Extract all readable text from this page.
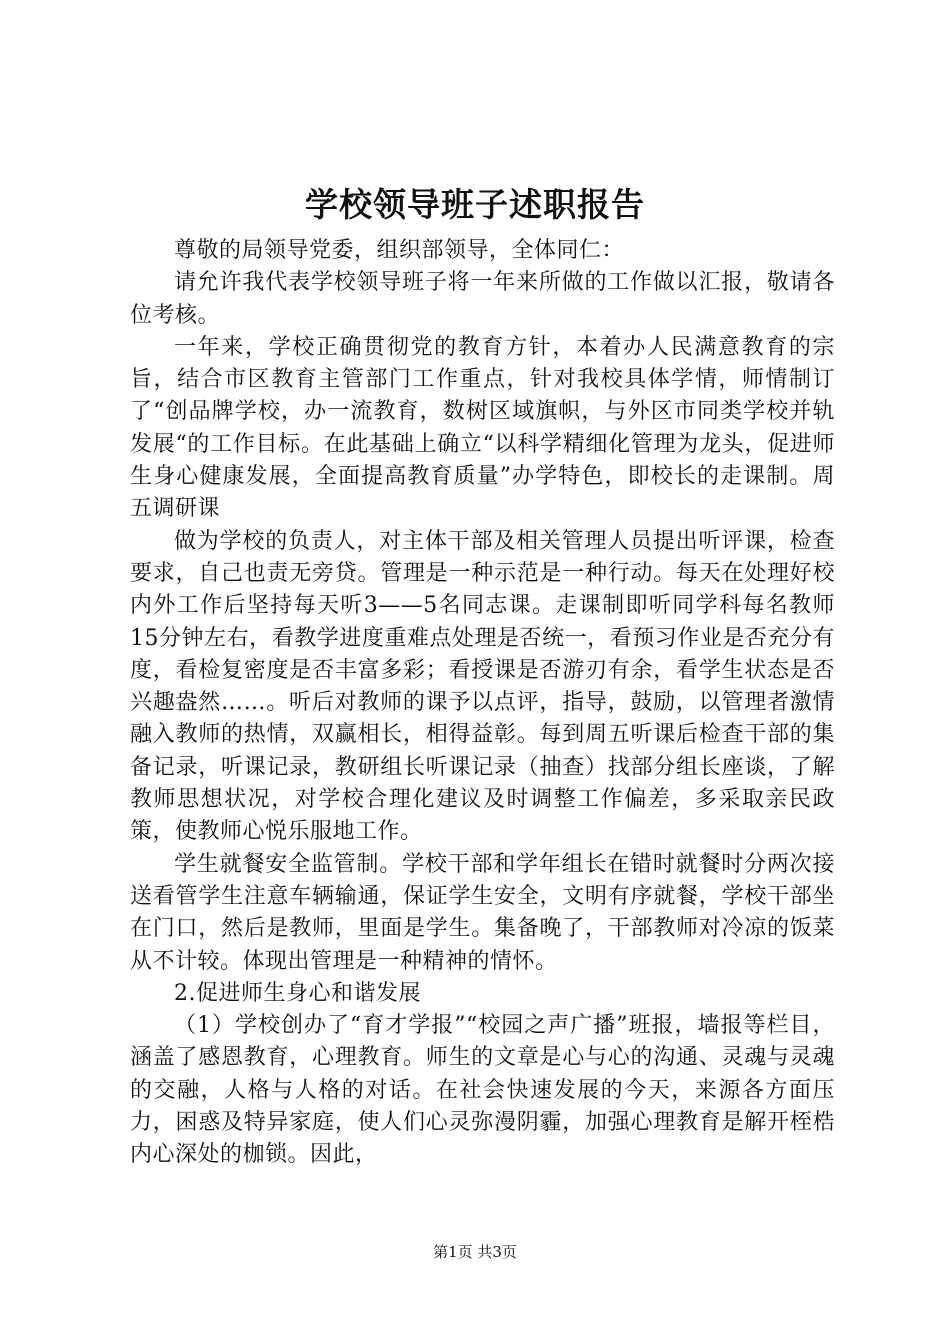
学校领导班子述职报告

尊敬的局领导党委，组织部领导，全体同仁：

请允许我代表学校领导班子将一年来所做的工作做以汇报，敬请各位考核。

一年来，学校正确贯彻党的教育方针，本着办人民满意教育的宗旨，结合市区教育主管部门工作重点，针对我校具体学情，师情制订了“创品牌学校，办一流教育，数树区域旗帜，与外区市同类学校并轨发展“的工作目标。在此基础上确立“以科学精细化管理为龙头，促进师生身心健康发展，全面提高教育质量”办学特色，即校长的走课制。周五调研课

做为学校的负责人，对主体干部及相关管理人员提出听评课，检查要求，自己也责无旁贷。管理是一种示范是一种行动。每天在处理好校内外工作后坚持每天听3——5名同志课。走课制即听同学科每名教师15分钟左右，看教学进度重难点处理是否统一，看预习作业是否充分有度，看检复密度是否丰富多彩；看授课是否游刃有余，看学生状态是否兴趣盎然……。听后对教师的课予以点评，指导，鼓励，以管理者激情融入教师的热情，双赢相长，相得益彰。每到周五听课后检查干部的集备记录，听课记录，教研组长听课记录（抽查）找部分组长座谈，了解教师思想状况，对学校合理化建议及时调整工作偏差，多采取亲民政策，使教师心悦乐服地工作。

学生就餐安全监管制。学校干部和学年组长在错时就餐时分两次接送看管学生注意车辆输通，保证学生安全，文明有序就餐，学校干部坐在门口，然后是教师，里面是学生。集备晚了，干部教师对冷凉的饭菜从不计较。体现出管理是一种精神的情怀。

2.促进师生身心和谐发展

（1）学校创办了“育才学报”“校园之声广播”班报，墙报等栏目，涵盖了感恩教育，心理教育。师生的文章是心与心的沟通、灵魂与灵魂的交融，人格与人格的对话。在社会快速发展的今天，来源各方面压力，困惑及特异家庭，使人们心灵弥漫阴霾，加强心理教育是解开桎梏内心深处的枷锁。因此，

第1页 共3页
